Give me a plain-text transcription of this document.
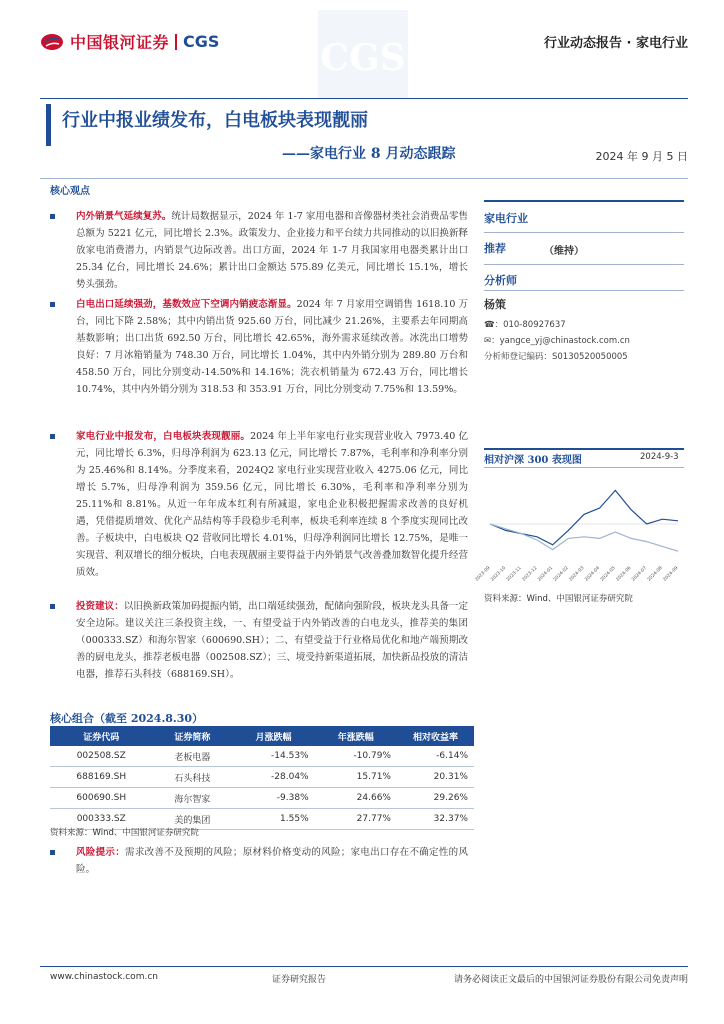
中国银河证券 CGS	CGS	行业动态报告 · 家电行业
行业中报业绩发布，白电板块表现靓丽
——家电行业 8 月动态跟踪	2024 年 9 月 5 日
核心观点
内外销景气延续复苏。统计局数据显示，2024 年 1-7 家用电器和音像器材类社会消费品零售总额为 5221 亿元，同比增长 2.3%。政策发力、企业接力和平台续力共同推动的以旧换新释放家电消费潜力，内销景气边际改善。出口方面，2024 年 1-7 月我国家用电器类累计出口 25.34 亿台，同比增长 24.6%；累计出口金额达 575.89 亿美元，同比增长 15.1%，增长势头强劲。
白电出口延续强劲，基数效应下空调内销疲态渐显。2024 年 7 月家用空调销售 1618.10 万台，同比下降 2.58%；其中内销出货 925.60 万台，同比减少 21.26%，主要系去年同期高基数影响；出口出货 692.50 万台，同比增长 42.65%，海外需求延续改善。冰洗出口增势良好：7 月冰箱销量为 748.30 万台，同比增长 1.04%，其中内外销分别为 289.80 万台和 458.50 万台，同比分别变动-14.50%和 14.16%；洗衣机销量为 672.43 万台，同比增长 10.74%，其中内外销分别为 318.53 和 353.91 万台，同比分别变动 7.75%和 13.59%。
家电行业中报发布，白电板块表现靓丽。2024 年上半年家电行业实现营业收入 7973.40 亿元，同比增长 6.3%，归母净利润为 623.13 亿元，同比增长 7.87%，毛利率和净利率分别为 25.46%和 8.14%。分季度来看，2024Q2 家电行业实现营业收入 4275.06 亿元，同比增长 5.7%，归母净利润为 359.56 亿元，同比增长 6.30%，毛利率和净利率分别为 25.11%和 8.81%。从近一年年成本红利有所减退，家电企业积极把握需求改善的良好机遇，凭借提质增效、优化产品结构等手段稳步毛利率，板块毛利率连续 8 个季度实现同比改善。子板块中，白电板块 Q2 营收同比增长 4.01%，归母净利润同比增长 12.75%，是唯一实现营、利双增长的细分板块，白电表现靓丽主要得益于内外销景气改善叠加数智化提升经营质效。
投资建议：以旧换新政策加码提振内销，出口端延续强劲，配储向强阶段，板块龙头具备一定安全边际。建议关注三条投资主线，一、有望受益于内外销改善的白电龙头，推荐美的集团（000333.SZ）和海尔智家（600690.SH）；二、有望受益于行业格局优化和地产端预期改善的厨电龙头，推荐老板电器（002508.SZ）；三、境受持新渠道拓展，加快新品投放的清洁电器，推荐石头科技（688169.SH）。
家电行业
推荐	（维持）
分析师
杨策
☎：010-80927637
✉：yangce_yj@chinastock.com.cn
分析师登记编码：S0130520050005
相对沪深 300 表现图	2024-9-3
2023-09
2023-10
2023-11
2023-12
2024-01
2024-02
2024-03
2024-04
2024-05
2024-06
2024-07
2024-08
2024-09
资料来源：Wind、中国银河证券研究院
核心组合（截至 2024.8.30）
证券代码	证券简称	月涨跌幅	年涨跌幅	相对收益率
002508.SZ	老板电器	-14.53%	-10.79%	-6.14%
688169.SH	石头科技	-28.04%	15.71%	20.31%
600690.SH	海尔智家	-9.38%	24.66%	29.26%
000333.SZ	美的集团	1.55%	27.77%	32.37%
资料来源：Wind、中国银河证券研究院
风险提示：需求改善不及预期的风险；原材料价格变动的风险；家电出口存在不确定性的风险。
www.chinastock.com.cn	证券研究报告	请务必阅读正文最后的中国银河证券股份有限公司免责声明
